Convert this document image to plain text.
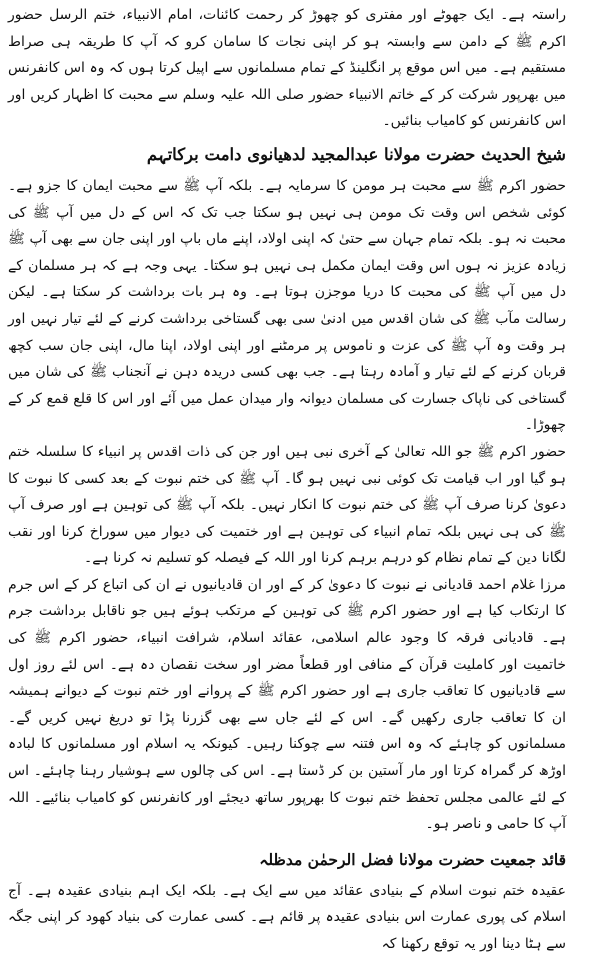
راستہ ہے۔ ایک جھوٹے اور مفتری کو چھوڑ کر رحمت کائنات، امام الانبیاء، ختم الرسل حضور اکرم ﷺ کے دامن سے وابستہ ہو کر اپنی نجات کا سامان کرو کہ آپ کا طریقہ ہی صراط مستقیم ہے۔ میں اس موقع پر انگلینڈ کے تمام مسلمانوں سے اپیل کرتا ہوں کہ وہ اس کانفرنس میں بھرپور شرکت کر کے خاتم الانبیاء حضور صلی اللہ علیہ وسلم سے محبت کا اظہار کریں اور اس کانفرنس کو کامیاب بنائیں۔

شیخ الحدیث حضرت مولانا عبدالمجید لدھیانوی دامت برکاتہم

حضور اکرم ﷺ سے محبت ہر مومن کا سرمایہ ہے۔ بلکہ آپ ﷺ سے محبت ایمان کا جزو ہے۔ کوئی شخص اس وقت تک مومن ہی نہیں ہو سکتا جب تک کہ اس کے دل میں آپ ﷺ کی محبت نہ ہو۔ بلکہ تمام جہان سے حتیٰ کہ اپنی اولاد، اپنے ماں باپ اور اپنی جان سے بھی آپ ﷺ زیادہ عزیز نہ ہوں اس وقت ایمان مکمل ہی نہیں ہو سکتا۔ یہی وجہ ہے کہ ہر مسلمان کے دل میں آپ ﷺ کی محبت کا دریا موجزن ہوتا ہے۔ وہ ہر بات برداشت کر سکتا ہے۔ لیکن رسالت مآب ﷺ کی شان اقدس میں ادنیٰ سی بھی گستاخی برداشت کرنے کے لئے تیار نہیں اور ہر وقت وہ آپ ﷺ کی عزت و ناموس پر مرمٹنے اور اپنی اولاد، اپنا مال، اپنی جان سب کچھ قربان کرنے کے لئے تیار و آمادہ رہتا ہے۔ جب بھی کسی دریدہ دہن نے آنجناب ﷺ کی شان میں گستاخی کی ناپاک جسارت کی مسلمان دیوانہ وار میدان عمل میں آئے اور اس کا قلع قمع کر کے چھوڑا۔

حضور اکرم ﷺ جو اللہ تعالیٰ کے آخری نبی ہیں اور جن کی ذات اقدس پر انبیاء کا سلسلہ ختم ہو گیا اور اب قیامت تک کوئی نبی نہیں ہو گا۔ آپ ﷺ کی ختم نبوت کے بعد کسی کا نبوت کا دعویٰ کرنا صرف آپ ﷺ کی ختم نبوت کا انکار نہیں۔ بلکہ آپ ﷺ کی توہین ہے اور صرف آپ ﷺ کی ہی نہیں بلکہ تمام انبیاء کی توہین ہے اور ختمیت کی دیوار میں سوراخ کرنا اور نقب لگانا دین کے تمام نظام کو درہم برہم کرنا اور اللہ کے فیصلہ کو تسلیم نہ کرنا ہے۔

مرزا غلام احمد قادیانی نے نبوت کا دعویٰ کر کے اور ان قادیانیوں نے ان کی اتباع کر کے اس جرم کا ارتکاب کیا ہے اور حضور اکرم ﷺ کی توہین کے مرتکب ہوئے ہیں جو ناقابل برداشت جرم ہے۔ قادیانی فرقہ کا وجود عالم اسلامی، عقائد اسلام، شرافت انبیاء، حضور اکرم ﷺ کی خاتمیت اور کاملیت قرآن کے منافی اور قطعاً مضر اور سخت نقصان دہ ہے۔ اس لئے روز اول سے قادیانیوں کا تعاقب جاری ہے اور حضور اکرم ﷺ کے پروانے اور ختم نبوت کے دیوانے ہمیشہ ان کا تعاقب جاری رکھیں گے۔ اس کے لئے جاں سے بھی گزرنا پڑا تو دریغ نہیں کریں گے۔ مسلمانوں کو چاہئے کہ وہ اس فتنہ سے چوکنا رہیں۔ کیونکہ یہ اسلام اور مسلمانوں کا لبادہ اوڑھ کر گمراہ کرتا اور مار آستین بن کر ڈستا ہے۔ اس کی چالوں سے ہوشیار رہنا چاہئے۔ اس کے لئے عالمی مجلس تحفظ ختم نبوت کا بھرپور ساتھ دیجئے اور کانفرنس کو کامیاب بنائیے۔ اللہ آپ کا حامی و ناصر ہو۔

قائد جمعیت حضرت مولانا فضل الرحمٰن مدظلہ

عقیدہ ختم نبوت اسلام کے بنیادی عقائد میں سے ایک ہے۔ بلکہ ایک اہم بنیادی عقیدہ ہے۔ آج اسلام کی پوری عمارت اس بنیادی عقیدہ پر قائم ہے۔ کسی عمارت کی بنیاد کھود کر اپنی جگہ سے ہٹا دینا اور یہ توقع رکھنا کہ
